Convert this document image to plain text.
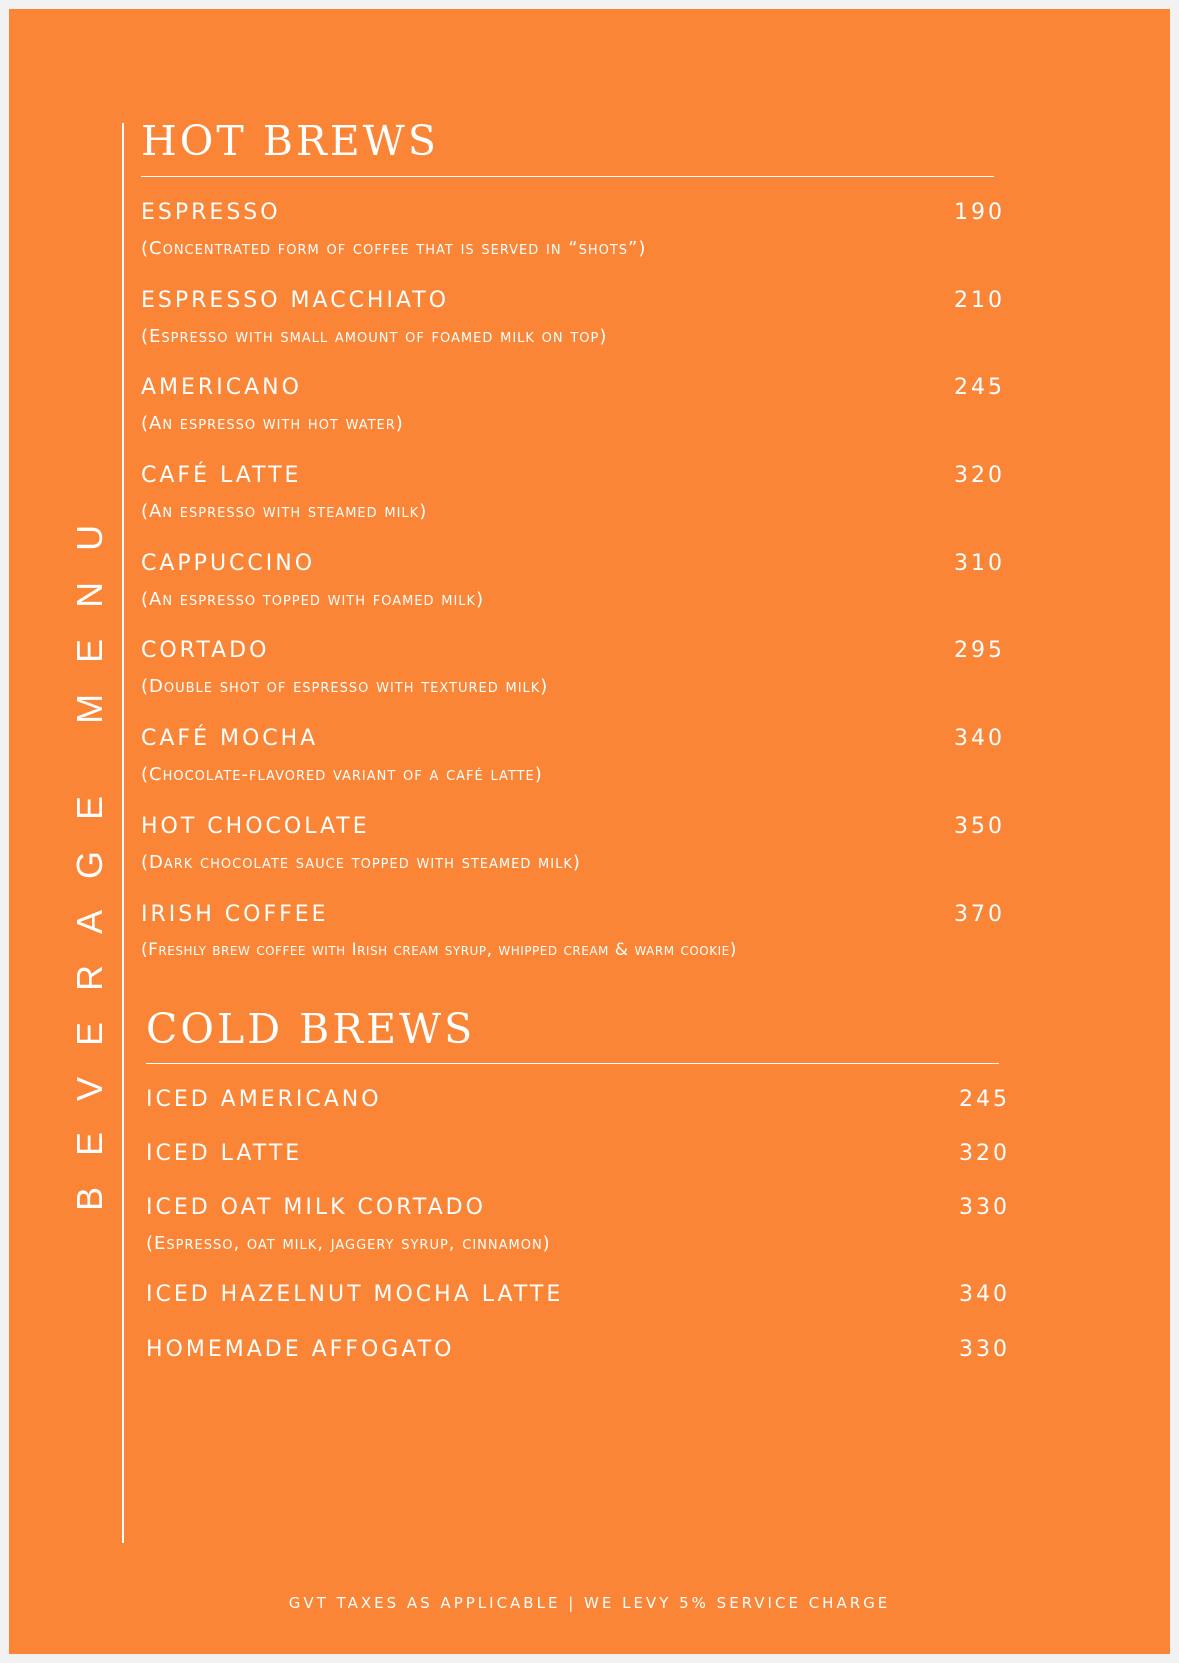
BEVERAGE MENU
HOT BREWS
ESPRESSO	190
(Concentrated form of coffee that is served in “shots”)
ESPRESSO MACCHIATO	210
(Espresso with small amount of foamed milk on top)
AMERICANO	245
(An espresso with hot water)
CAFÉ LATTE	320
(An espresso with steamed milk)
CAPPUCCINO	310
(An espresso topped with foamed milk)
CORTADO	295
(Double shot of espresso with textured milk)
CAFÉ MOCHA	340
(Chocolate-flavored variant of a café latte)
HOT CHOCOLATE	350
(Dark chocolate sauce topped with steamed milk)
IRISH COFFEE	370
(Freshly brew coffee with Irish cream syrup, whipped cream & warm cookie)
COLD BREWS
ICED AMERICANO	245
ICED LATTE	320
ICED OAT MILK CORTADO	330
(Espresso, oat milk, jaggery syrup, cinnamon)
ICED HAZELNUT MOCHA LATTE	340
HOMEMADE AFFOGATO	330
GVT TAXES AS APPLICABLE | WE LEVY 5% SERVICE CHARGE
